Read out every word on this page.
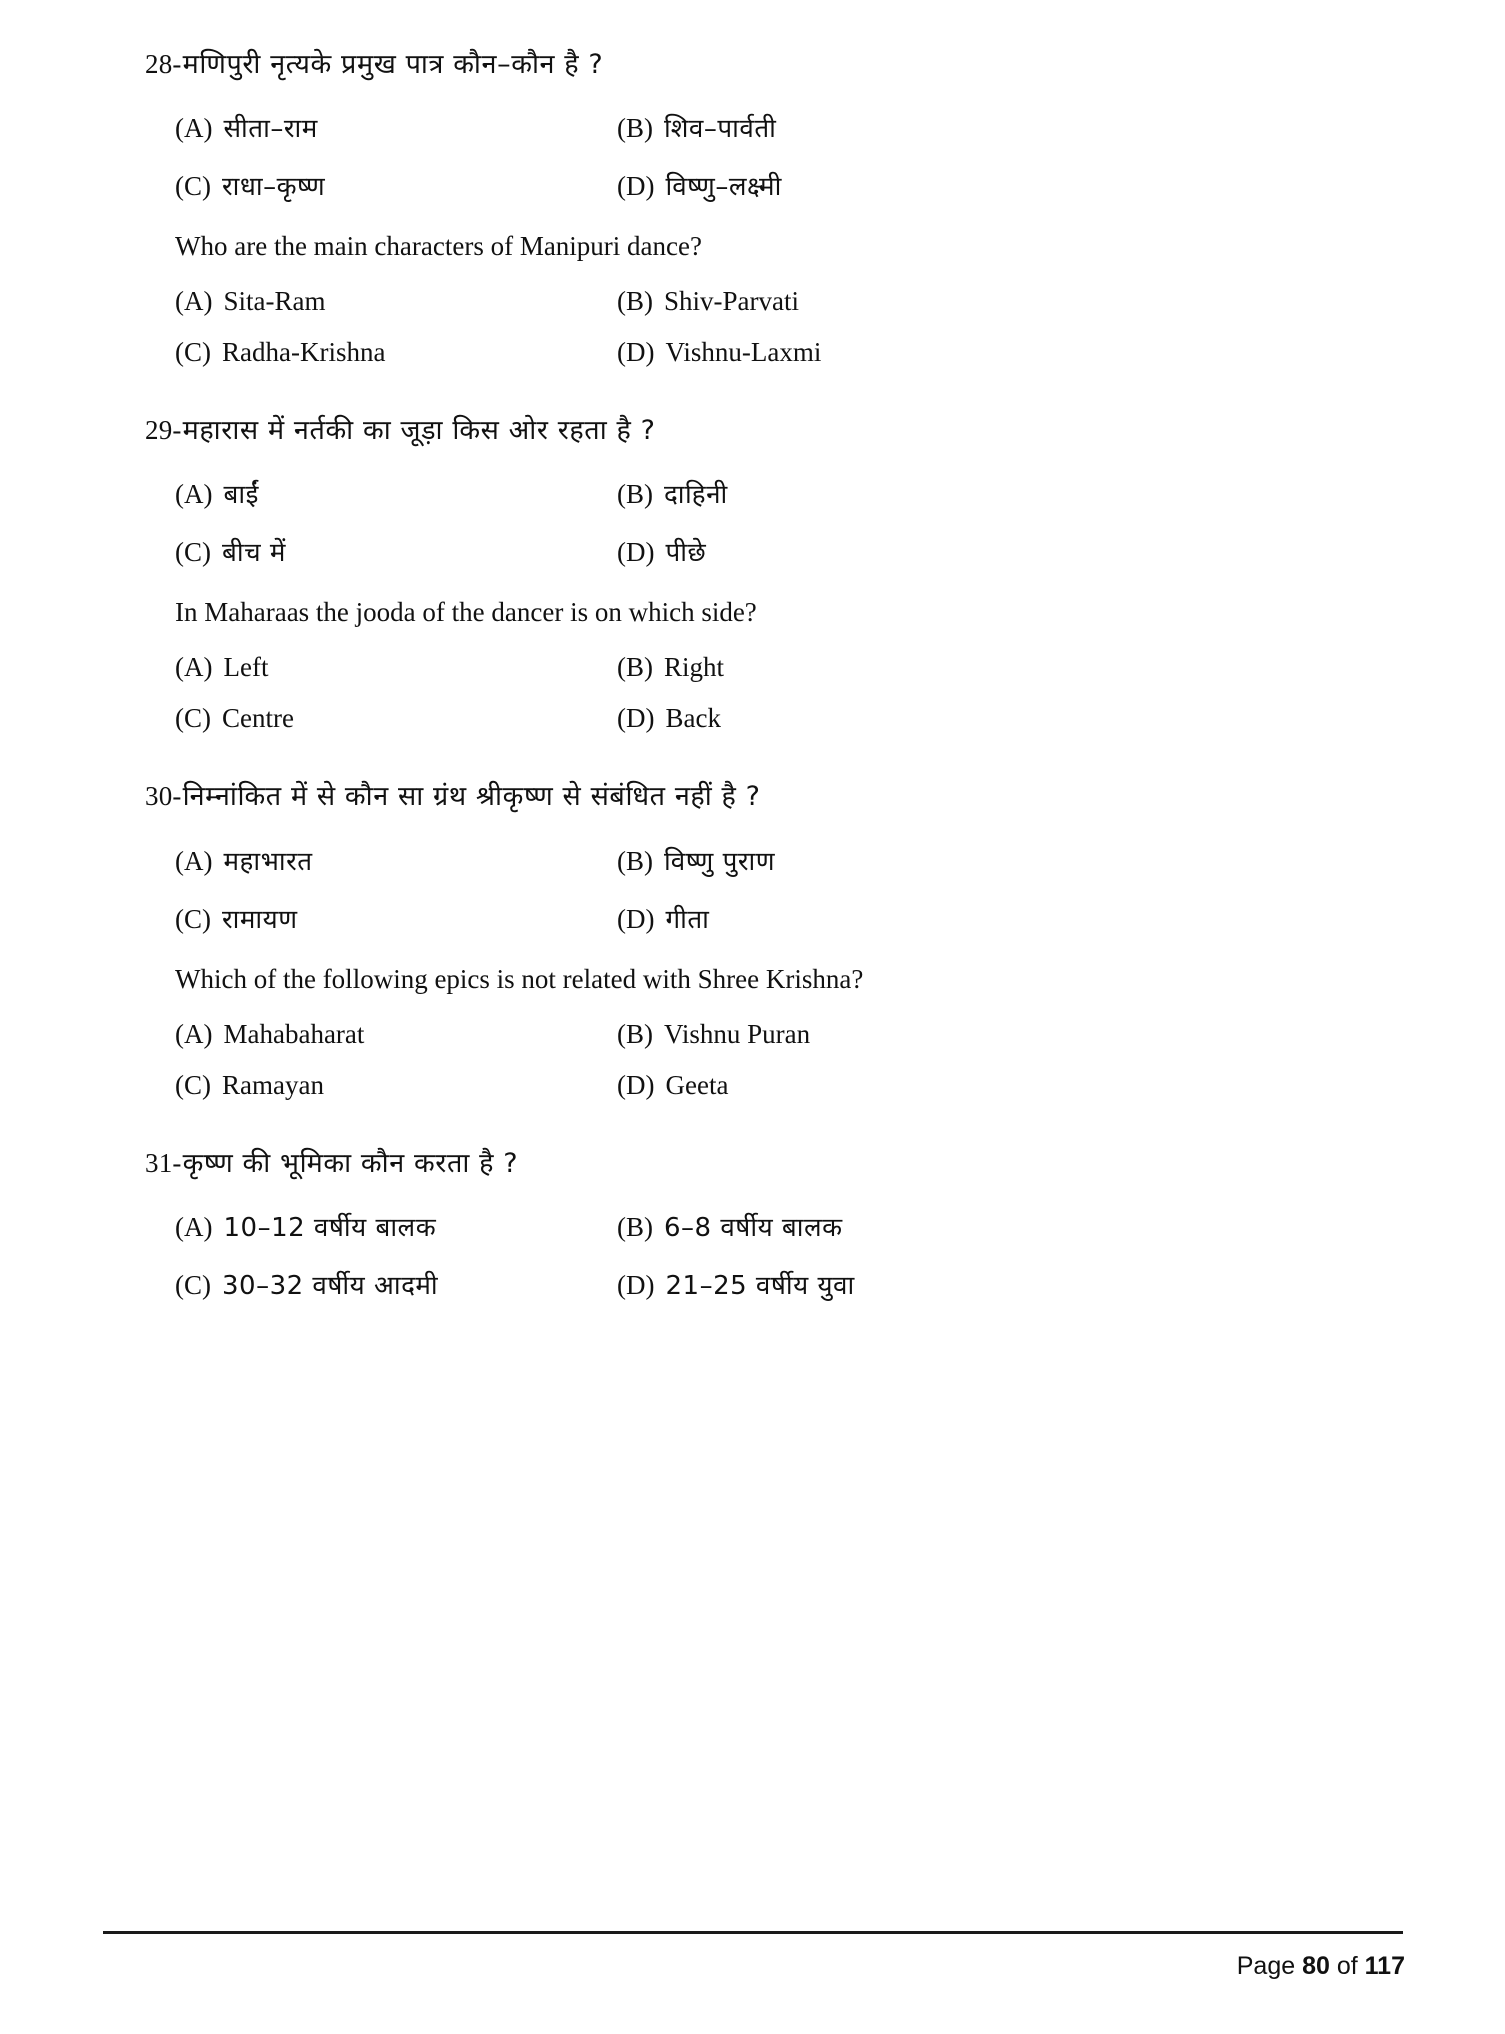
28- मणिपुरी नृत्यके प्रमुख पात्र कौन–कौन है ?
(A) सीता–राम	(B) शिव–पार्वती
(C) राधा–कृष्ण	(D) विष्णु–लक्ष्मी
Who are the main characters of Manipuri dance?
(A) Sita-Ram	(B) Shiv-Parvati
(C) Radha-Krishna	(D) Vishnu-Laxmi
29- महारास में नर्तकी का जूड़ा किस ओर रहता है ?
(A) बाईं	(B) दाहिनी
(C) बीच में	(D) पीछे
In Maharaas the jooda of the dancer is on which side?
(A) Left	(B) Right
(C) Centre	(D) Back
30- निम्नांकित में से कौन सा ग्रंथ श्रीकृष्ण से संबंधित नहीं है ?
(A) महाभारत	(B) विष्णु पुराण
(C) रामायण	(D) गीता
Which of the following epics is not related with Shree Krishna?
(A) Mahabaharat	(B) Vishnu Puran
(C) Ramayan	(D) Geeta
31- कृष्ण की भूमिका कौन करता है ?
(A) 10–12 वर्षीय बालक	(B) 6–8 वर्षीय बालक
(C) 30–32 वर्षीय आदमी	(D) 21–25 वर्षीय युवा
Page 80 of 117
